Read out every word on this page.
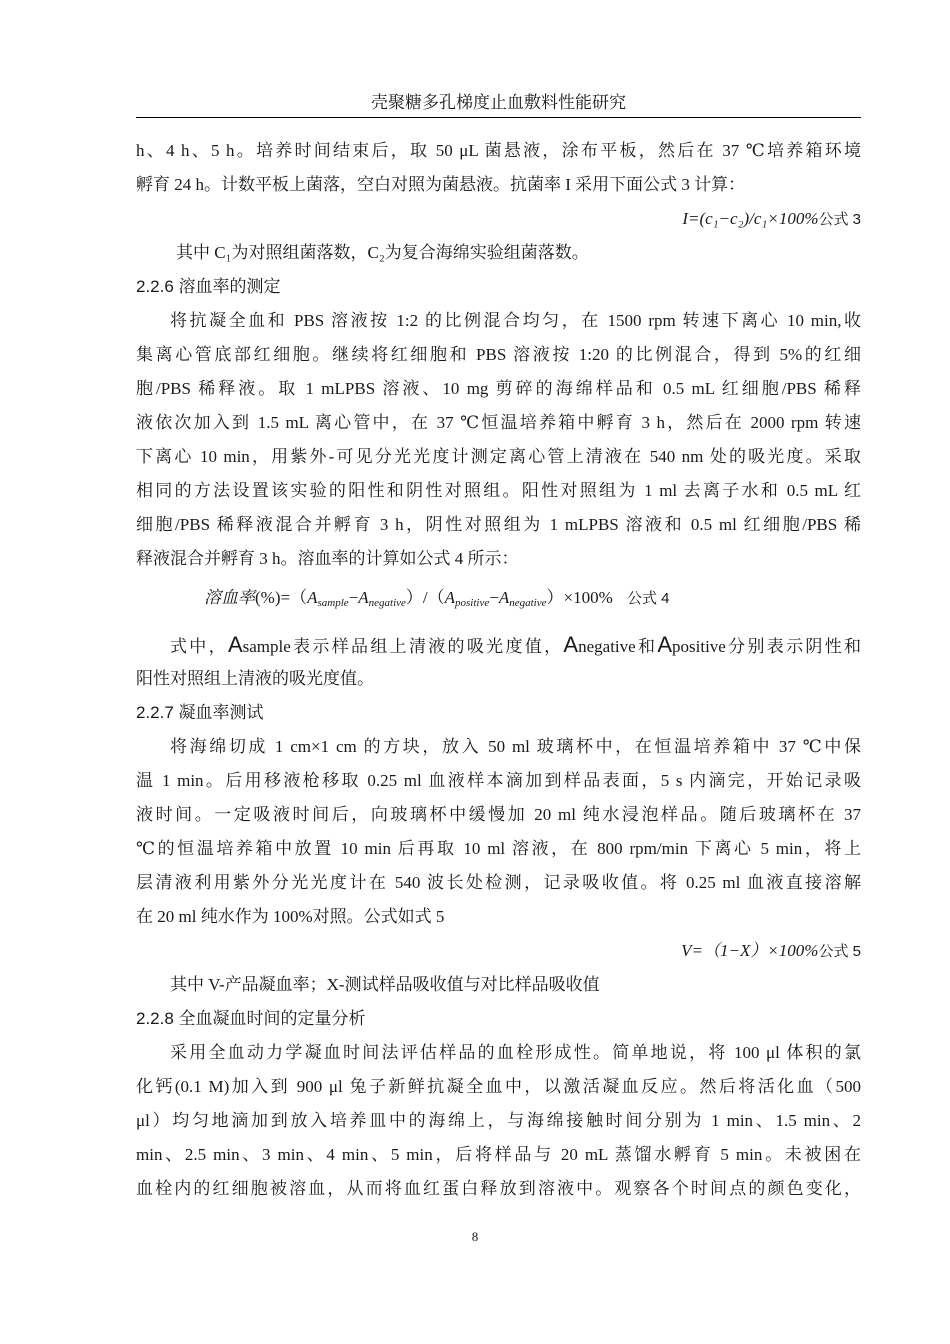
壳聚糖多孔梯度止血敷料性能研究
h、4 h、5 h。培养时间结束后，取 50 μL 菌悬液，涂布平板，然后在 37 ℃培养箱环境
孵育 24 h。计数平板上菌落，空白对照为菌悬液。抗菌率 I 采用下面公式 3 计算：
I=(c₁−c₂)/c₁×100%公式 3
其中 C₁为对照组菌落数，C₂为复合海绵实验组菌落数。
2.2.6 溶血率的测定
将抗凝全血和 PBS 溶液按 1:2 的比例混合均匀，在 1500 rpm 转速下离心 10 min,收
集离心管底部红细胞。继续将红细胞和 PBS 溶液按 1:20 的比例混合，得到 5%的红细
胞/PBS 稀释液。取 1 mLPBS 溶液、10 mg 剪碎的海绵样品和 0.5 mL 红细胞/PBS 稀释
液依次加入到 1.5 mL 离心管中，在 37 ℃恒温培养箱中孵育 3 h，然后在 2000 rpm 转速
下离心 10 min，用紫外-可见分光光度计测定离心管上清液在 540 nm 处的吸光度。采取
相同的方法设置该实验的阳性和阴性对照组。阳性对照组为 1 ml 去离子水和 0.5 mL 红
细胞/PBS 稀释液混合并孵育 3 h，阴性对照组为 1 mLPBS 溶液和 0.5 ml 红细胞/PBS 稀
释液混合并孵育 3 h。溶血率的计算如公式 4 所示：
溶血率$(\%)=(A_{sample}-A_{negative})/(A_{positive}-A_{negative})\times 100\%$ 公式 4
式中，Asample表示样品组上清液的吸光度值，Anegative和Apositive分别表示阴性和
阳性对照组上清液的吸光度值。
2.2.7 凝血率测试
将海绵切成 1 cm×1 cm 的方块，放入 50 ml 玻璃杯中，在恒温培养箱中 37 ℃中保
温 1 min。后用移液枪移取 0.25 ml 血液样本滴加到样品表面，5 s 内滴完，开始记录吸
液时间。一定吸液时间后，向玻璃杯中缓慢加 20 ml 纯水浸泡样品。随后玻璃杯在 37
℃的恒温培养箱中放置 10 min 后再取 10 ml 溶液，在 800 rpm/min 下离心 5 min，将上
层清液利用紫外分光光度计在 540 波长处检测，记录吸收值。将 0.25 ml 血液直接溶解
在 20 ml 纯水作为 100%对照。公式如式 5
V=（1−X）×100%公式 5
其中 V-产品凝血率；X-测试样品吸收值与对比样品吸收值
2.2.8 全血凝血时间的定量分析
采用全血动力学凝血时间法评估样品的血栓形成性。简单地说，将 100 μl 体积的氯
化钙(0.1 M)加入到 900 μl 兔子新鲜抗凝全血中，以激活凝血反应。然后将活化血（500
μl）均匀地滴加到放入培养皿中的海绵上，与海绵接触时间分别为 1 min、1.5 min、2
min、2.5 min、3 min、4 min、5 min，后将样品与 20 mL 蒸馏水孵育 5 min。未被困在
血栓内的红细胞被溶血，从而将血红蛋白释放到溶液中。观察各个时间点的颜色变化，
8
